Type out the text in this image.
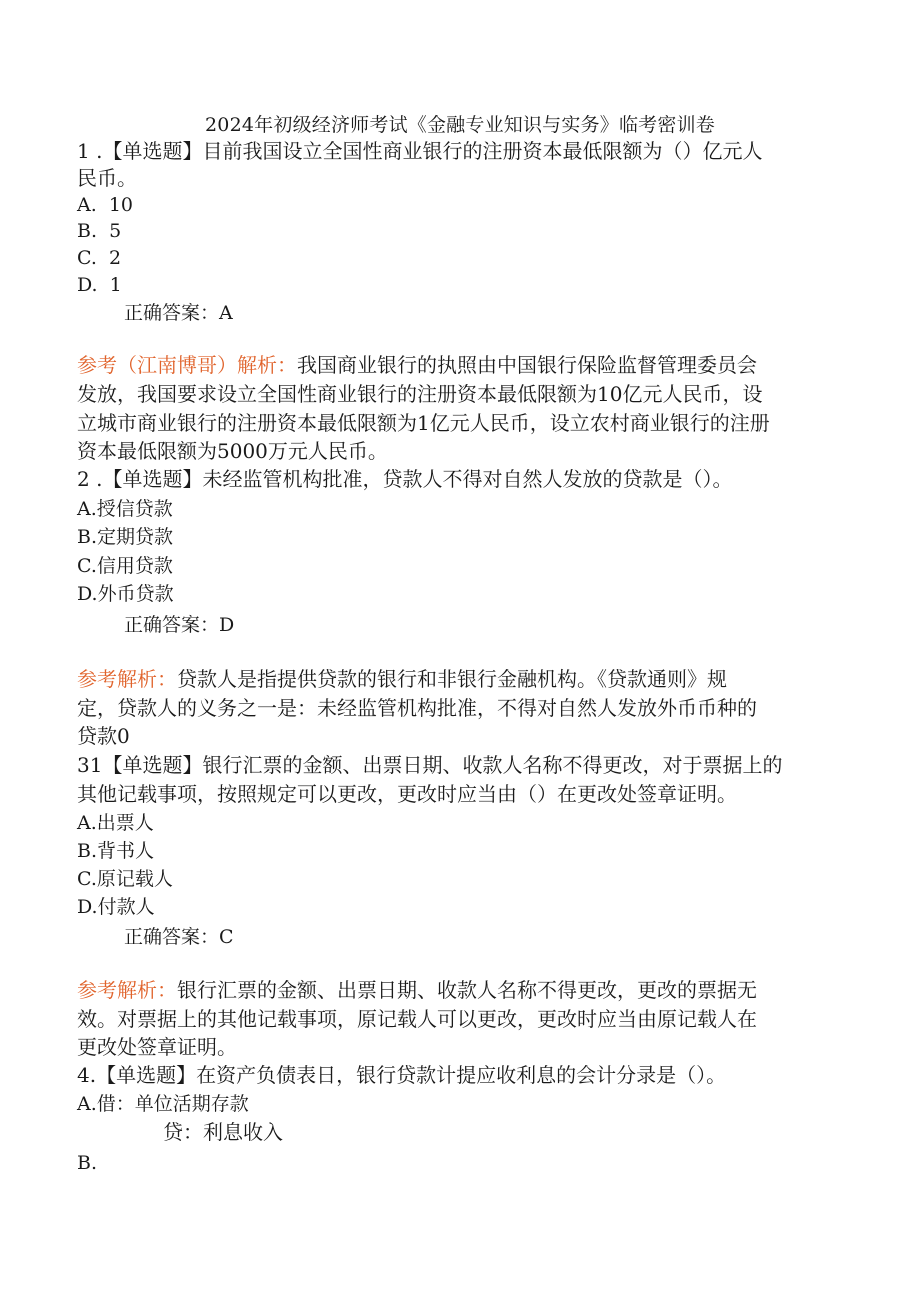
2024年初级经济师考试《金融专业知识与实务》临考密训卷
1 .【单选题】目前我国设立全国性商业银行的注册资本最低限额为（）亿元人
民币。
A.  10
B.  5
C.  2
D.  1
正确答案：A
参考（江南博哥）解析：我国商业银行的执照由中国银行保险监督管理委员会
发放，我国要求设立全国性商业银行的注册资本最低限额为10亿元人民币，设
立城市商业银行的注册资本最低限额为1亿元人民币，设立农村商业银行的注册
资本最低限额为5000万元人民币。
2 .【单选题】未经监管机构批准，贷款人不得对自然人发放的贷款是（）。
A.授信贷款
B.定期贷款
C.信用贷款
D.外币贷款
正确答案：D
参考解析：贷款人是指提供贷款的银行和非银行金融机构。《贷款通则》规
定，贷款人的义务之一是：未经监管机构批准，不得对自然人发放外币币种的
贷款0
31【单选题】银行汇票的金额、出票日期、收款人名称不得更改，对于票据上的
其他记载事项，按照规定可以更改，更改时应当由（）在更改处签章证明。
A.出票人
B.背书人
C.原记载人
D.付款人
正确答案：C
参考解析：银行汇票的金额、出票日期、收款人名称不得更改，更改的票据无
效。对票据上的其他记载事项，原记载人可以更改，更改时应当由原记载人在
更改处签章证明。
4.【单选题】在资产负债表日，银行贷款计提应收利息的会计分录是（）。
A.借：单位活期存款
贷：利息收入
B.
